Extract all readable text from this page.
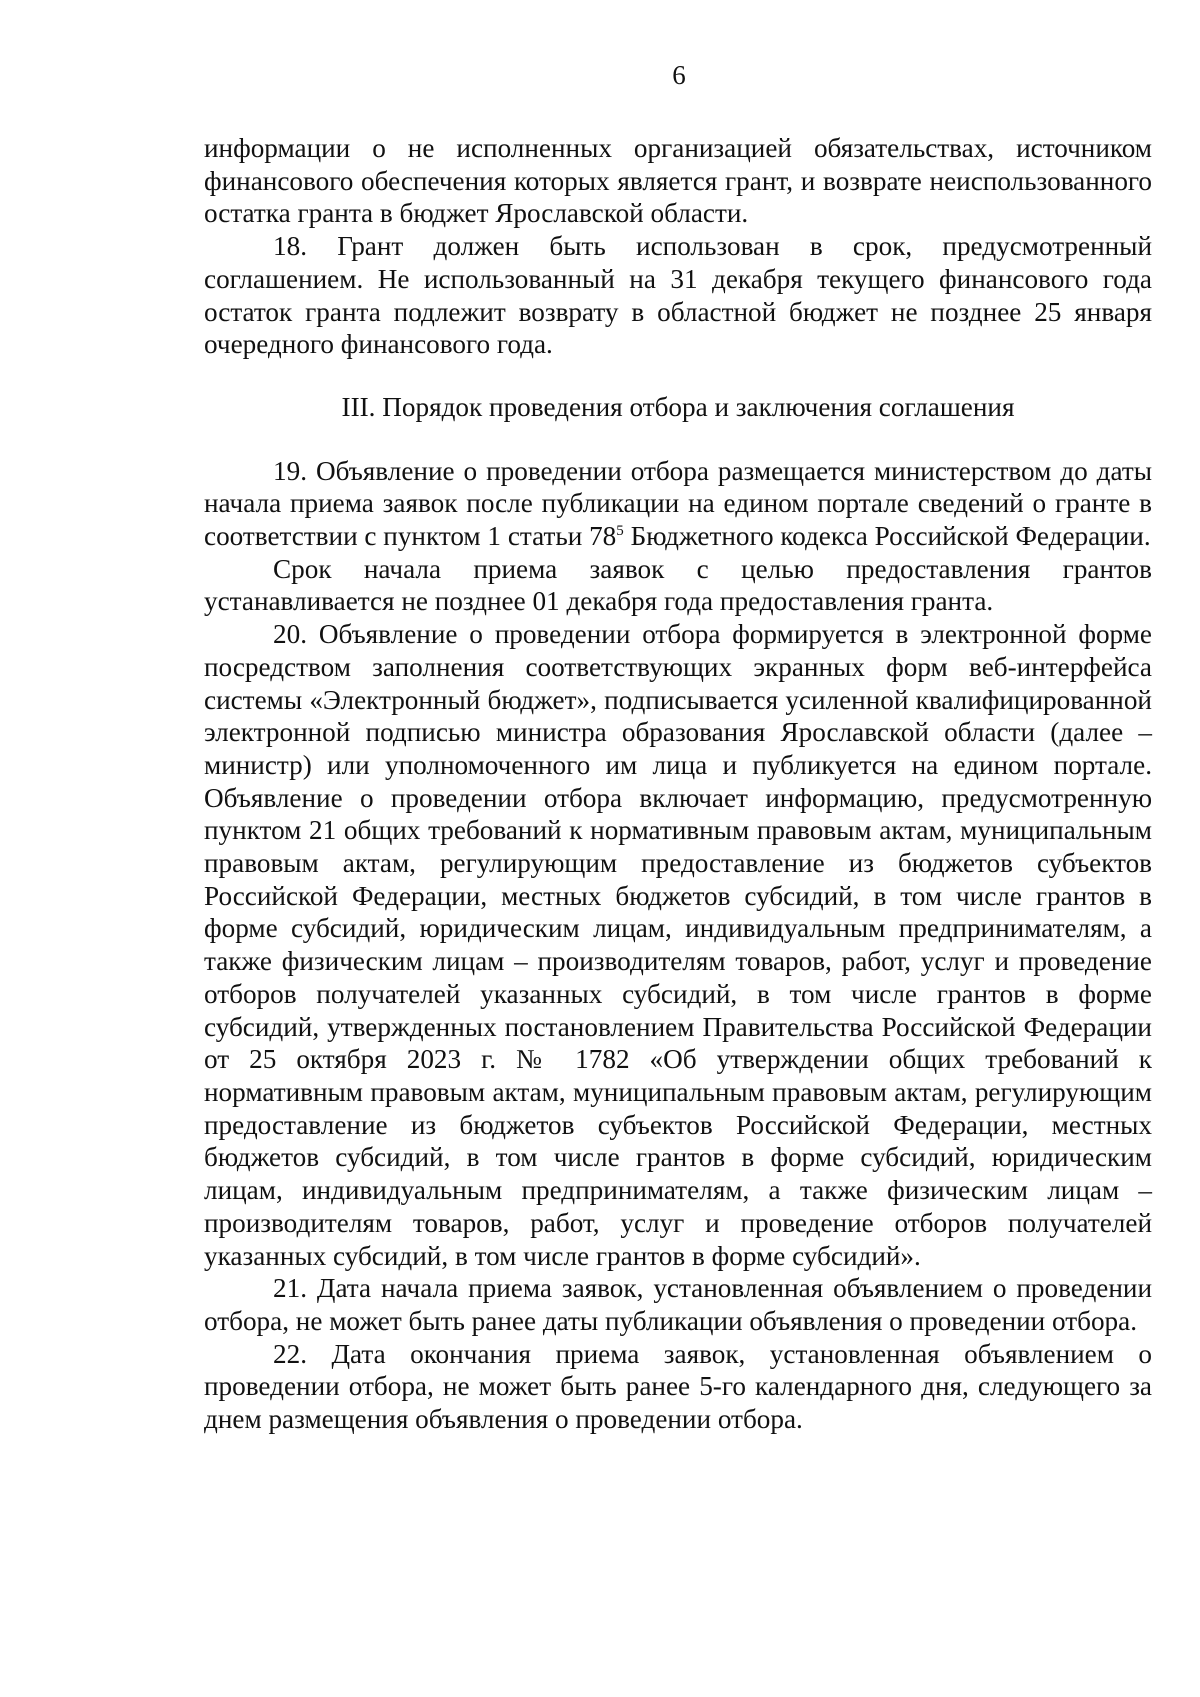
6

информации о не исполненных организацией обязательствах, источником финансового обеспечения которых является грант, и возврате неиспользованного остатка гранта в бюджет Ярославской области.

18. Грант должен быть использован в срок, предусмотренный соглашением. Не использованный на 31 декабря текущего финансового года остаток гранта подлежит возврату в областной бюджет не позднее 25 января очередного финансового года.

III. Порядок проведения отбора и заключения соглашения

19. Объявление о проведении отбора размещается министерством до даты начала приема заявок после публикации на едином портале сведений о гранте в соответствии с пунктом 1 статьи $78^5$ Бюджетного кодекса Российской Федерации.

Срок начала приема заявок с целью предоставления грантов устанавливается не позднее 01 декабря года предоставления гранта.

20. Объявление о проведении отбора формируется в электронной форме посредством заполнения соответствующих экранных форм веб-интерфейса системы «Электронный бюджет», подписывается усиленной квалифицированной электронной подписью министра образования Ярославской области (далее – министр) или уполномоченного им лица и публикуется на едином портале. Объявление о проведении отбора включает информацию, предусмотренную пунктом 21 общих требований к нормативным правовым актам, муниципальным правовым актам, регулирующим предоставление из бюджетов субъектов Российской Федерации, местных бюджетов субсидий, в том числе грантов в форме субсидий, юридическим лицам, индивидуальным предпринимателям, а также физическим лицам – производителям товаров, работ, услуг и проведение отборов получателей указанных субсидий, в том числе грантов в форме субсидий, утвержденных постановлением Правительства Российской Федерации от 25 октября 2023 г. № 1782 «Об утверждении общих требований к нормативным правовым актам, муниципальным правовым актам, регулирующим предоставление из бюджетов субъектов Российской Федерации, местных бюджетов субсидий, в том числе грантов в форме субсидий, юридическим лицам, индивидуальным предпринимателям, а также физическим лицам – производителям товаров, работ, услуг и проведение отборов получателей указанных субсидий, в том числе грантов в форме субсидий».

21. Дата начала приема заявок, установленная объявлением о проведении отбора, не может быть ранее даты публикации объявления о проведении отбора.

22. Дата окончания приема заявок, установленная объявлением о проведении отбора, не может быть ранее 5-го календарного дня, следующего за днем размещения объявления о проведении отбора.
